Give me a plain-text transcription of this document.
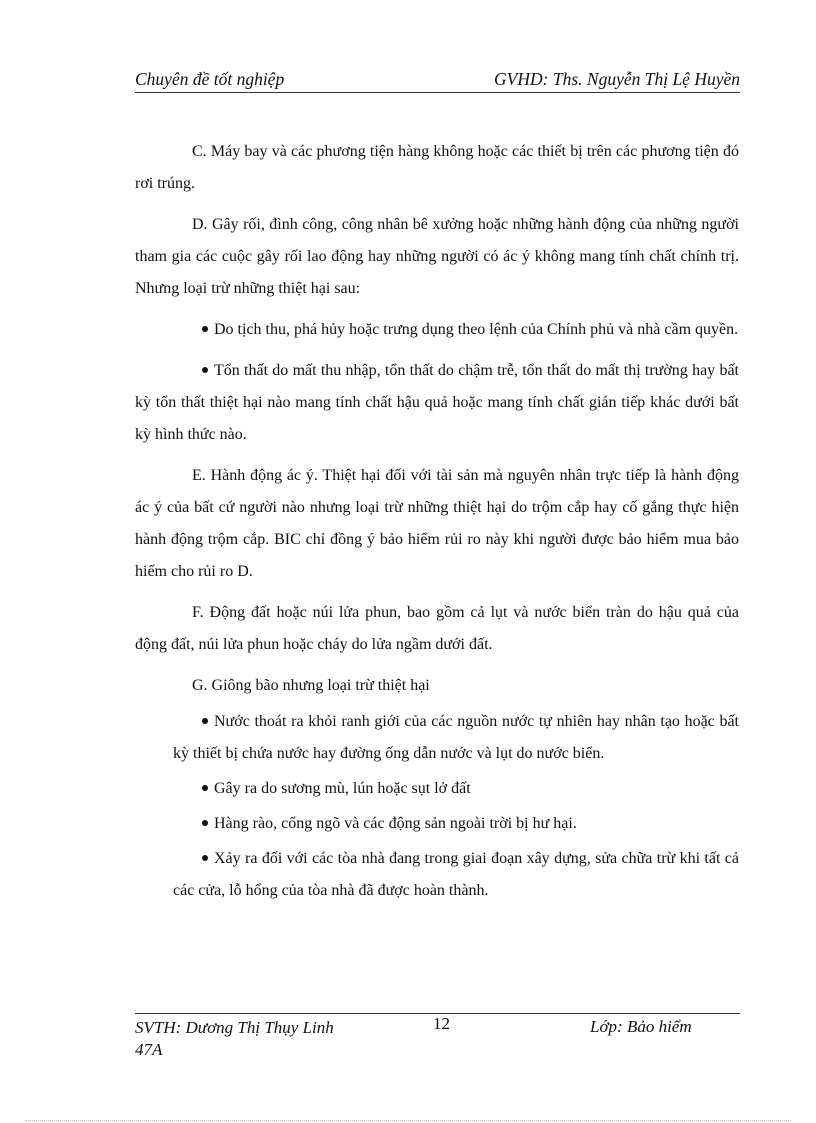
Chuyên đề tốt nghiệp	GVHD: Ths. Nguyễn Thị Lệ Huyền

C. Máy bay và các phương tiện hàng không hoặc các thiết bị trên các phương tiện đó rơi trúng.

D. Gây rối, đình công, công nhân bê xưởng hoặc những hành động của những người tham gia các cuộc gây rối lao động hay những người có ác ý không mang tính chất chính trị. Nhưng loại trừ những thiệt hại sau:

Do tịch thu, phá hủy hoặc trưng dụng theo lệnh của Chính phủ và nhà cầm quyền.

Tổn thất do mất thu nhập, tổn thất do chậm trễ, tổn thất do mất thị trường hay bất kỳ tổn thất thiệt hại nào mang tính chất hậu quả hoặc mang tính chất gián tiếp khác dưới bất kỳ hình thức nào.

E. Hành động ác ý. Thiệt hại đối với tài sản mà nguyên nhân trực tiếp là hành động ác ý của bất cứ người nào nhưng loại trừ những thiệt hại do trộm cắp hay cố gắng thực hiện hành động trộm cắp. BIC chỉ đồng ý bảo hiểm rủi ro này khi người được bảo hiểm mua bảo hiểm cho rủi ro D.

F. Động đất hoặc núi lửa phun, bao gồm cả lụt và nước biển tràn do hậu quả của động đất, núi lửa phun hoặc cháy do lửa ngầm dưới đất.

G. Giông bão nhưng loại trừ thiệt hại

Nước thoát ra khỏi ranh giới của các nguồn nước tự nhiên hay nhân tạo hoặc bất kỳ thiết bị chứa nước hay đường ống dẫn nước và lụt do nước biển.

Gây ra do sương mù, lún hoặc sụt lở đất

Hàng rào, cổng ngõ và các động sản ngoài trời bị hư hại.

Xảy ra đối với các tòa nhà đang trong giai đoạn xây dựng, sửa chữa trừ khi tất cả các cửa, lỗ hổng của tòa nhà đã được hoàn thành.

SVTH: Dương Thị Thụy Linh
47A
12	Lớp: Bảo hiểm
